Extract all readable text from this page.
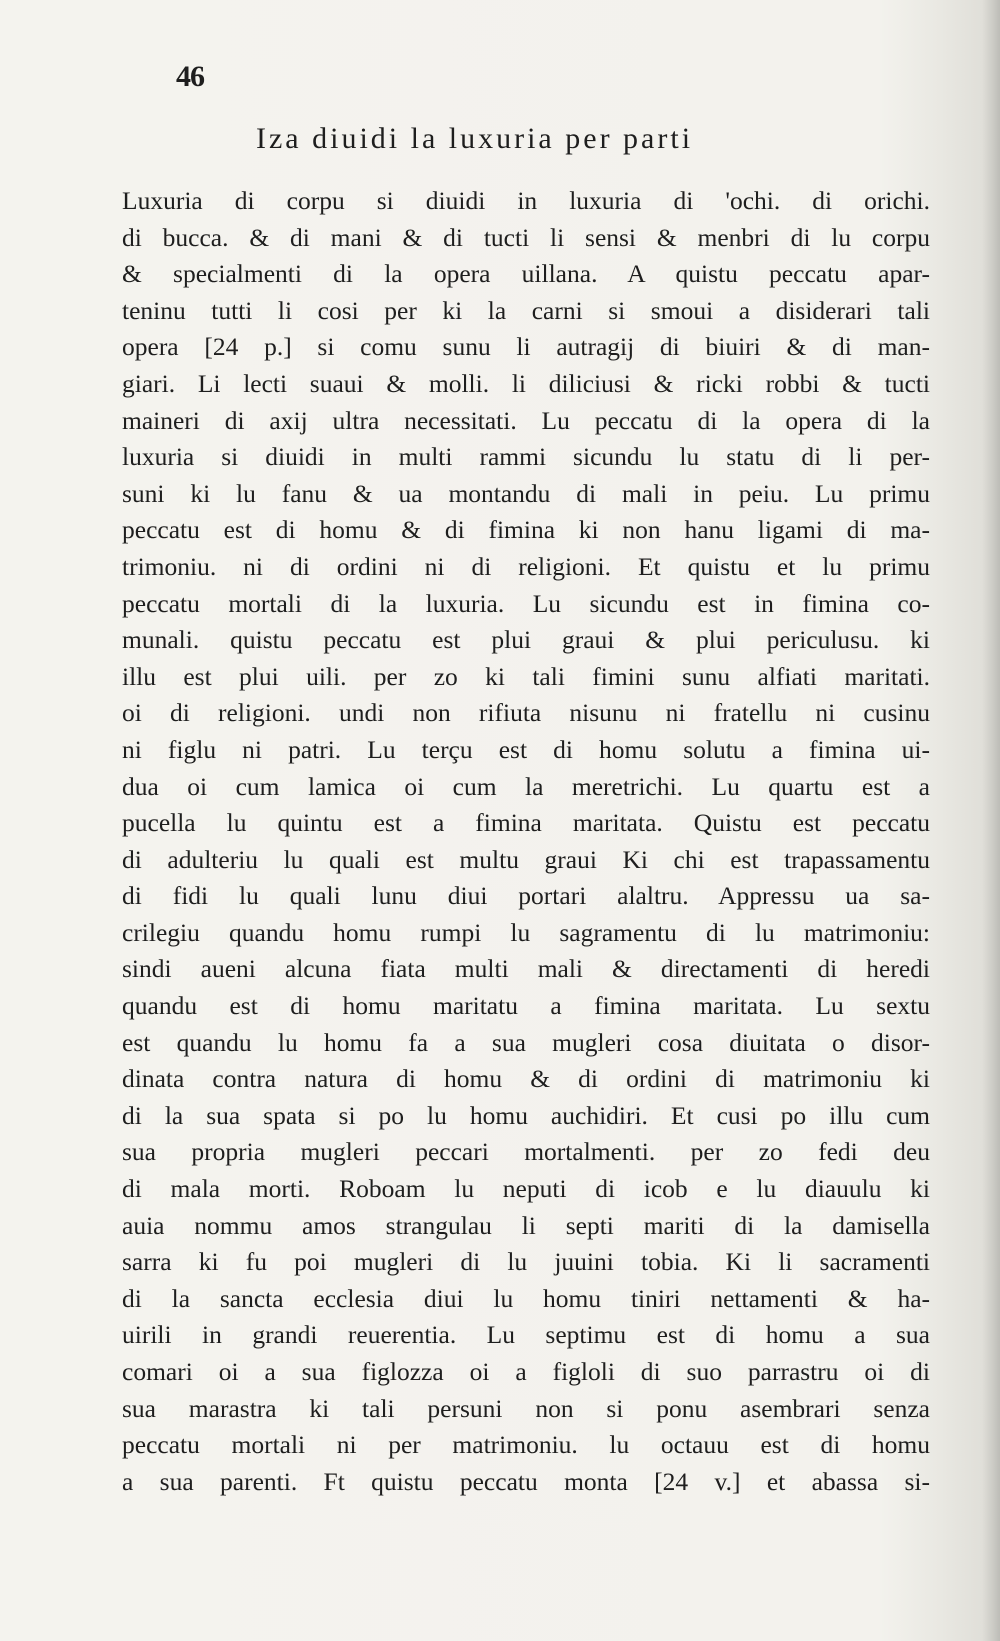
46
Iza diuidi la luxuria per parti
Luxuria di corpu si diuidi in luxuria di 'ochi. di orichi.
di bucca. & di mani & di tucti li sensi & menbri di lu corpu
& specialmenti di la opera uillana. A quistu peccatu apar-
teninu tutti li cosi per ki la carni si smoui a disiderari tali
opera [24 p.] si comu sunu li autragij di biuiri & di man-
giari. Li lecti suaui & molli. li diliciusi & ricki robbi & tucti
maineri di axij ultra necessitati. Lu peccatu di la opera di la
luxuria si diuidi in multi rammi sicundu lu statu di li per-
suni ki lu fanu & ua montandu di mali in peiu. Lu primu
peccatu est di homu & di fimina ki non hanu ligami di ma-
trimoniu. ni di ordini ni di religioni. Et quistu et lu primu
peccatu mortali di la luxuria. Lu sicundu est in fimina co-
munali. quistu peccatu est plui graui & plui periculusu. ki
illu est plui uili. per zo ki tali fimini sunu alfiati maritati.
oi di religioni. undi non rifiuta nisunu ni fratellu ni cusinu
ni figlu ni patri. Lu terçu est di homu solutu a fimina ui-
dua oi cum lamica oi cum la meretrichi. Lu quartu est a
pucella lu quintu est a fimina maritata. Quistu est peccatu
di adulteriu lu quali est multu graui Ki chi est trapassamentu
di fidi lu quali lunu diui portari alaltru. Appressu ua sa-
crilegiu quandu homu rumpi lu sagramentu di lu matrimoniu:
sindi aueni alcuna fiata multi mali & directamenti di heredi
quandu est di homu maritatu a fimina maritata. Lu sextu
est quandu lu homu fa a sua mugleri cosa diuitata o disor-
dinata contra natura di homu & di ordini di matrimoniu ki
di la sua spata si po lu homu auchidiri. Et cusi po illu cum
sua propria mugleri peccari mortalmenti. per zo fedi deu
di mala morti. Roboam lu neputi di icob e lu diauulu ki
auia nommu amos strangulau li septi mariti di la damisella
sarra ki fu poi mugleri di lu juuini tobia. Ki li sacramenti
di la sancta ecclesia diui lu homu tiniri nettamenti & ha-
uirili in grandi reuerentia. Lu septimu est di homu a sua
comari oi a sua figlozza oi a figloli di suo parrastru oi di
sua marastra ki tali persuni non si ponu asembrari senza
peccatu mortali ni per matrimoniu. lu octauu est di homu
a sua parenti. Ft quistu peccatu monta [24 v.] et abassa si-
